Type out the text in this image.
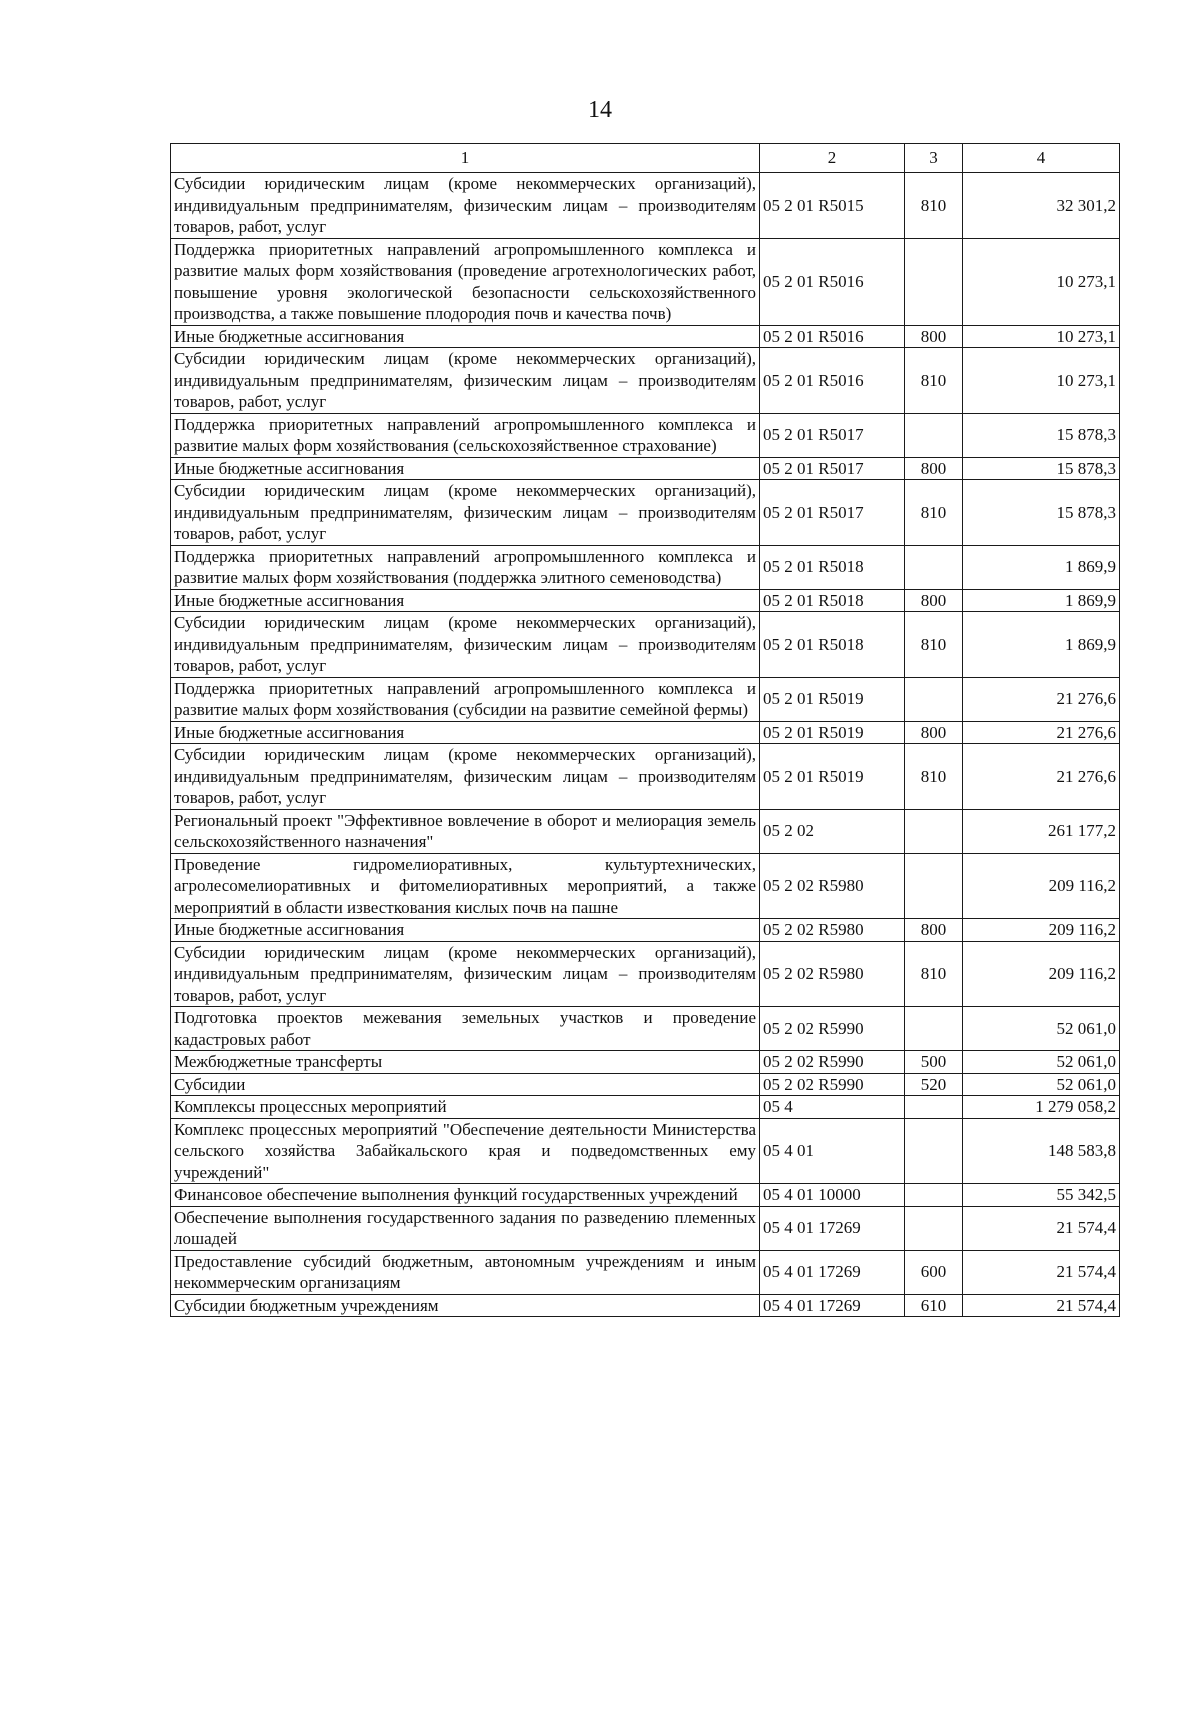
14
1	2	3	4
Субсидии юридическим лицам (кроме некоммерческих организаций), индивидуальным предпринимателям, физическим лицам – производителям товаров, работ, услуг	05 2 01 R5015	810	32 301,2
Поддержка приоритетных направлений агропромышленного комплекса и развитие малых форм хозяйствования (проведение агротехнологических работ, повышение уровня экологической безопасности сельскохозяйственного производства, а также повышение плодородия почв и качества почв)	05 2 01 R5016		10 273,1
Иные бюджетные ассигнования	05 2 01 R5016	800	10 273,1
Субсидии юридическим лицам (кроме некоммерческих организаций), индивидуальным предпринимателям, физическим лицам – производителям товаров, работ, услуг	05 2 01 R5016	810	10 273,1
Поддержка приоритетных направлений агропромышленного комплекса и развитие малых форм хозяйствования (сельскохозяйственное страхование)	05 2 01 R5017		15 878,3
Иные бюджетные ассигнования	05 2 01 R5017	800	15 878,3
Субсидии юридическим лицам (кроме некоммерческих организаций), индивидуальным предпринимателям, физическим лицам – производителям товаров, работ, услуг	05 2 01 R5017	810	15 878,3
Поддержка приоритетных направлений агропромышленного комплекса и развитие малых форм хозяйствования (поддержка элитного семеноводства)	05 2 01 R5018		1 869,9
Иные бюджетные ассигнования	05 2 01 R5018	800	1 869,9
Субсидии юридическим лицам (кроме некоммерческих организаций), индивидуальным предпринимателям, физическим лицам – производителям товаров, работ, услуг	05 2 01 R5018	810	1 869,9
Поддержка приоритетных направлений агропромышленного комплекса и развитие малых форм хозяйствования (субсидии на развитие семейной фермы)	05 2 01 R5019		21 276,6
Иные бюджетные ассигнования	05 2 01 R5019	800	21 276,6
Субсидии юридическим лицам (кроме некоммерческих организаций), индивидуальным предпринимателям, физическим лицам – производителям товаров, работ, услуг	05 2 01 R5019	810	21 276,6
Региональный проект "Эффективное вовлечение в оборот и мелиорация земель сельскохозяйственного назначения"	05 2 02		261 177,2
Проведение гидромелиоративных, культуртехнических, агролесомелиоративных и фитомелиоративных мероприятий, а также мероприятий в области известкования кислых почв на пашне	05 2 02 R5980		209 116,2
Иные бюджетные ассигнования	05 2 02 R5980	800	209 116,2
Субсидии юридическим лицам (кроме некоммерческих организаций), индивидуальным предпринимателям, физическим лицам – производителям товаров, работ, услуг	05 2 02 R5980	810	209 116,2
Подготовка проектов межевания земельных участков и проведение кадастровых работ	05 2 02 R5990		52 061,0
Межбюджетные трансферты	05 2 02 R5990	500	52 061,0
Субсидии	05 2 02 R5990	520	52 061,0
Комплексы процессных мероприятий	05 4		1 279 058,2
Комплекс процессных мероприятий "Обеспечение деятельности Министерства сельского хозяйства Забайкальского края и подведомственных ему учреждений"	05 4 01		148 583,8
Финансовое обеспечение выполнения функций государственных учреждений	05 4 01 10000		55 342,5
Обеспечение выполнения государственного задания по разведению племенных лошадей	05 4 01 17269		21 574,4
Предоставление субсидий бюджетным, автономным учреждениям и иным некоммерческим организациям	05 4 01 17269	600	21 574,4
Субсидии бюджетным учреждениям	05 4 01 17269	610	21 574,4
